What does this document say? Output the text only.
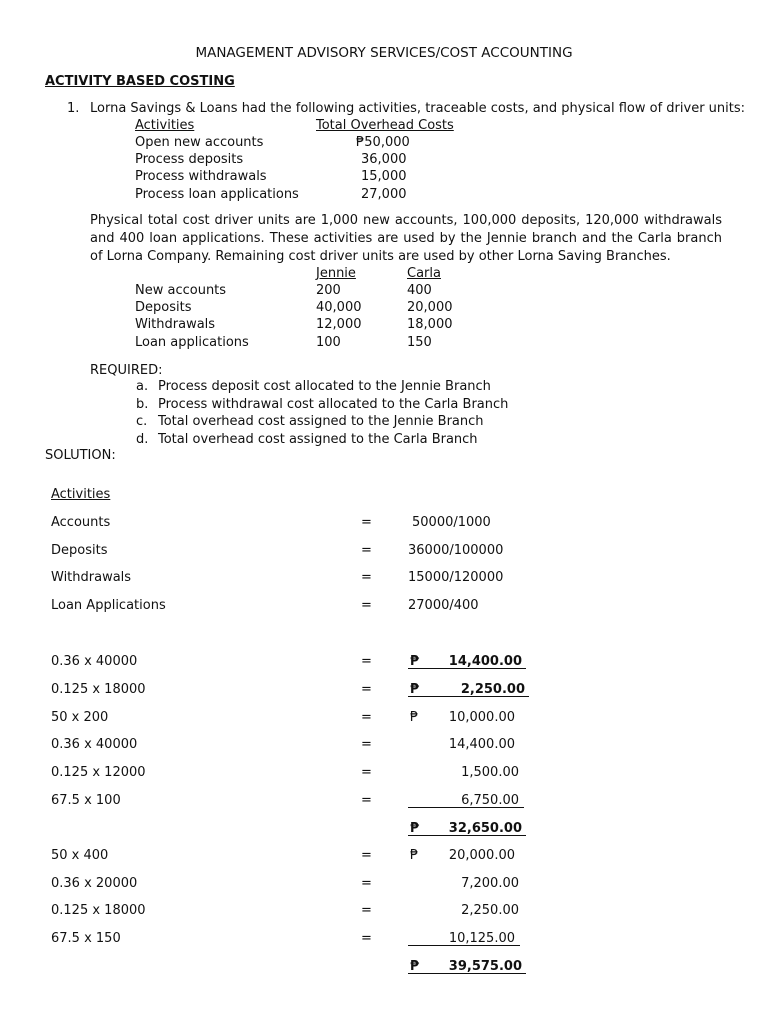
MANAGEMENT ADVISORY SERVICES/COST ACCOUNTING
ACTIVITY BASED COSTING
1. Lorna Savings & Loans had the following activities, traceable costs, and physical flow of driver units:
Activities	Total Overhead Costs
Open new accounts	₱50,000
Process deposits	36,000
Process withdrawals	15,000
Process loan applications	27,000
Physical total cost driver units are 1,000 new accounts, 100,000 deposits, 120,000 withdrawals and 400 loan applications. These activities are used by the Jennie branch and the Carla branch of Lorna Company. Remaining cost driver units are used by other Lorna Saving Branches.
Jennie	Carla
New accounts	200	400
Deposits	40,000	20,000
Withdrawals	12,000	18,000
Loan applications	100	150
REQUIRED:
a. Process deposit cost allocated to the Jennie Branch
b. Process withdrawal cost allocated to the Carla Branch
c. Total overhead cost assigned to the Jennie Branch
d. Total overhead cost assigned to the Carla Branch
SOLUTION:
Activities
Accounts	=	50000/1000
Deposits	=	36000/100000
Withdrawals	=	15000/120000
Loan Applications	=	27000/400
0.36 x 40000	=	₱	14,400.00
0.125 x 18000	=	₱	2,250.00
50 x 200	=	₱	10,000.00
0.36 x 40000	=	14,400.00
0.125 x 12000	=	1,500.00
67.5 x 100	=	6,750.00
₱	32,650.00
50 x 400	=	₱	20,000.00
0.36 x 20000	=	7,200.00
0.125 x 18000	=	2,250.00
67.5 x 150	=	10,125.00
₱	39,575.00
